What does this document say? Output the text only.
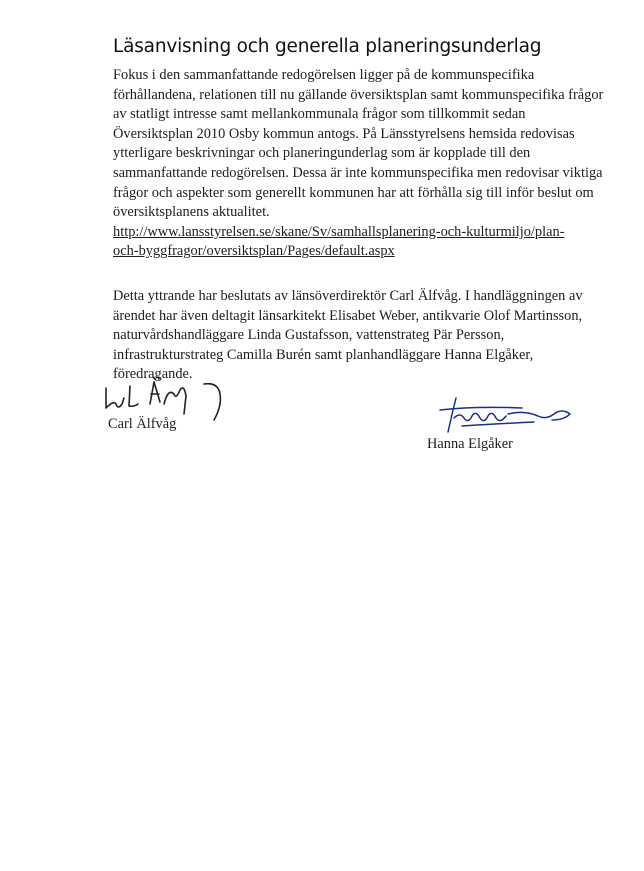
Läsanvisning och generella planeringsunderlag
Fokus i den sammanfattande redogörelsen ligger på de kommunspecifika
förhållandena, relationen till nu gällande översiktsplan samt kommunspecifika frågor
av statligt intresse samt mellankommunala frågor som tillkommit sedan
Översiktsplan 2010 Osby kommun antogs. På Länsstyrelsens hemsida redovisas
ytterligare beskrivningar och planeringunderlag som är kopplade till den
sammanfattande redogörelsen. Dessa är inte kommunspecifika men redovisar viktiga
frågor och aspekter som generellt kommunen har att förhålla sig till inför beslut om
översiktsplanens aktualitet.
http://www.lansstyrelsen.se/skane/Sv/samhallsplanering-och-kulturmiljo/plan-
och-byggfragor/oversiktsplan/Pages/default.aspx
Detta yttrande har beslutats av länsöverdirektör Carl Älfvåg. I handläggningen av
ärendet har även deltagit länsarkitekt Elisabet Weber, antikvarie Olof Martinsson,
naturvårdshandläggare Linda Gustafsson, vattenstrateg Pär Persson,
infrastrukturstrateg Camilla Burén samt planhandläggare Hanna Elgåker,
föredragande.
Carl Älfvåg
Hanna Elgåker
